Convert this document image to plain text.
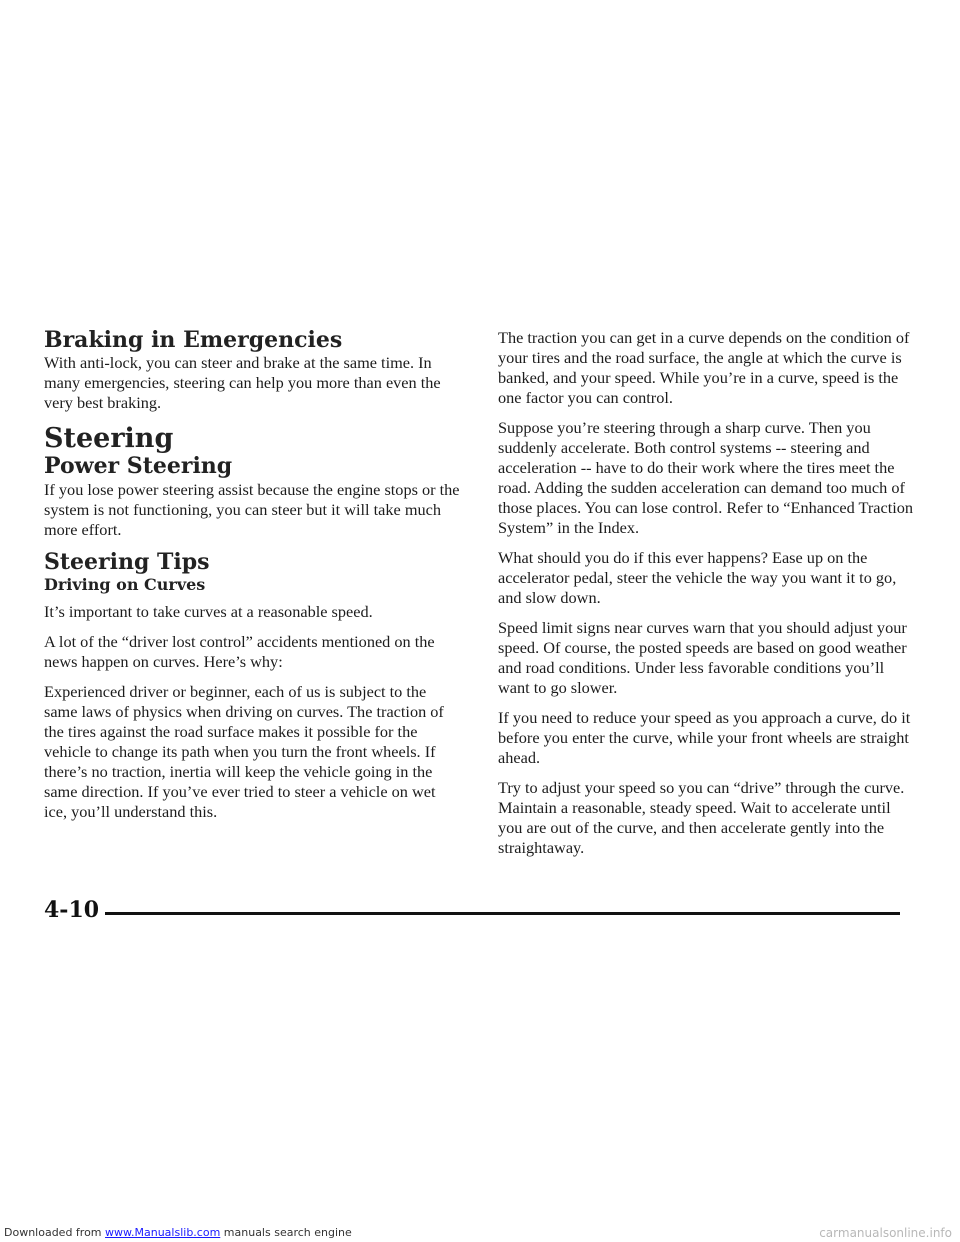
Braking in Emergencies

With anti-lock, you can steer and brake at the same time. In many emergencies, steering can help you more than even the very best braking.

Steering
Power Steering

If you lose power steering assist because the engine stops or the system is not functioning, you can steer but it will take much more effort.

Steering Tips
Driving on Curves

It’s important to take curves at a reasonable speed.

A lot of the “driver lost control” accidents mentioned on the news happen on curves. Here’s why:

Experienced driver or beginner, each of us is subject to the same laws of physics when driving on curves. The traction of the tires against the road surface makes it possible for the vehicle to change its path when you turn the front wheels. If there’s no traction, inertia will keep the vehicle going in the same direction. If you’ve ever tried to steer a vehicle on wet ice, you’ll understand this.

The traction you can get in a curve depends on the condition of your tires and the road surface, the angle at which the curve is banked, and your speed. While you’re in a curve, speed is the one factor you can control.

Suppose you’re steering through a sharp curve. Then you suddenly accelerate. Both control systems -- steering and acceleration -- have to do their work where the tires meet the road. Adding the sudden acceleration can demand too much of those places. You can lose control. Refer to “Enhanced Traction System” in the Index.

What should you do if this ever happens? Ease up on the accelerator pedal, steer the vehicle the way you want it to go, and slow down.

Speed limit signs near curves warn that you should adjust your speed. Of course, the posted speeds are based on good weather and road conditions. Under less favorable conditions you’ll want to go slower.

If you need to reduce your speed as you approach a curve, do it before you enter the curve, while your front wheels are straight ahead.

Try to adjust your speed so you can “drive” through the curve. Maintain a reasonable, steady speed. Wait to accelerate until you are out of the curve, and then accelerate gently into the straightaway.

4-10
Downloaded from www.Manualslib.com manuals search engine	carmanualsonline.info
